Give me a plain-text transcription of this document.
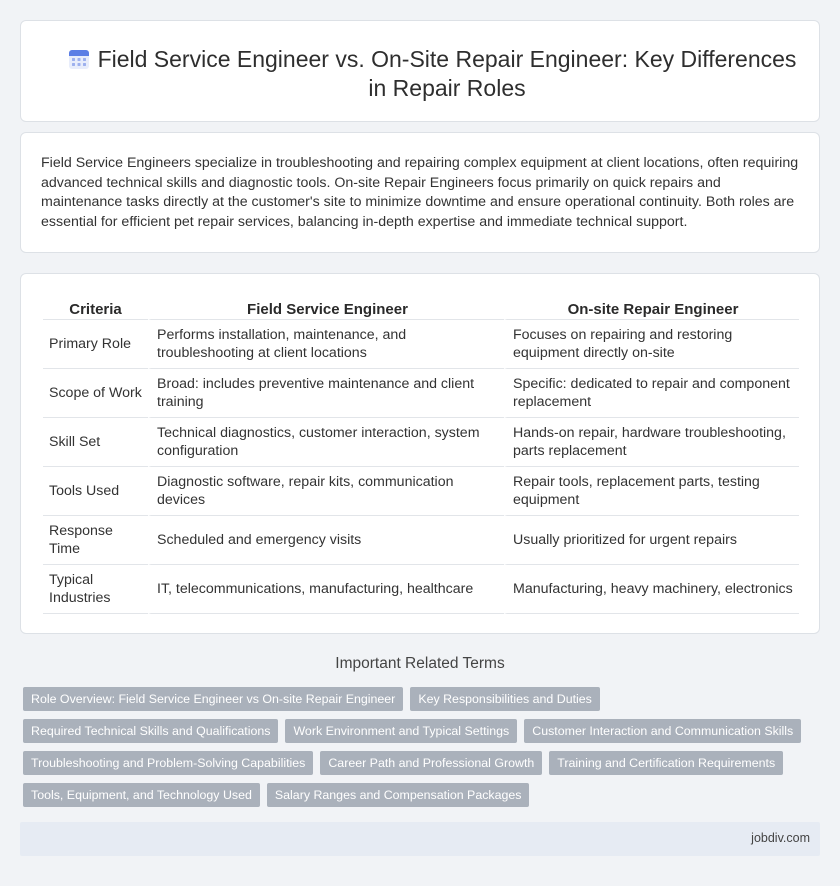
Field Service Engineer vs. On-Site Repair Engineer: Key Differences in Repair Roles

Field Service Engineers specialize in troubleshooting and repairing complex equipment at client locations, often requiring advanced technical skills and diagnostic tools. On-site Repair Engineers focus primarily on quick repairs and maintenance tasks directly at the customer's site to minimize downtime and ensure operational continuity. Both roles are essential for efficient pet repair services, balancing in-depth expertise and immediate technical support.

Criteria	Field Service Engineer	On-site Repair Engineer
Primary Role	Performs installation, maintenance, and troubleshooting at client locations	Focuses on repairing and restoring equipment directly on-site
Scope of Work	Broad: includes preventive maintenance and client training	Specific: dedicated to repair and component replacement
Skill Set	Technical diagnostics, customer interaction, system configuration	Hands-on repair, hardware troubleshooting, parts replacement
Tools Used	Diagnostic software, repair kits, communication devices	Repair tools, replacement parts, testing equipment
Response Time	Scheduled and emergency visits	Usually prioritized for urgent repairs
Typical Industries	IT, telecommunications, manufacturing, healthcare	Manufacturing, heavy machinery, electronics
Important Related Terms
Role Overview: Field Service Engineer vs On-site Repair Engineer	Key Responsibilities and Duties
Required Technical Skills and Qualifications	Work Environment and Typical Settings	Customer Interaction and Communication Skills
Troubleshooting and Problem-Solving Capabilities	Career Path and Professional Growth	Training and Certification Requirements
Tools, Equipment, and Technology Used	Salary Ranges and Compensation Packages
jobdiv.com
